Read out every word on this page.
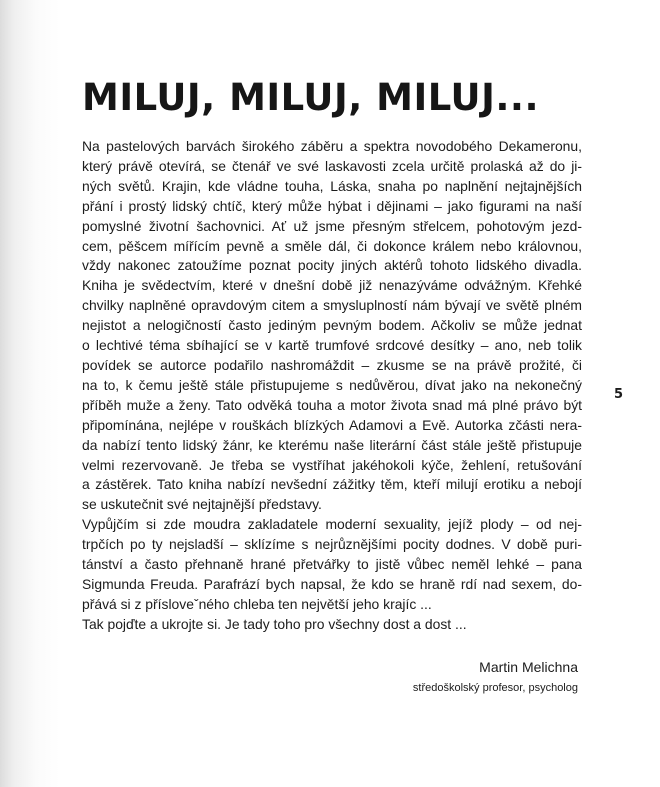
MILUJ, MILUJ, MILUJ...
Na pastelových barvách širokého záběru a spektra novodobého Dekameronu,
který právě otevírá, se čtenář ve své laskavosti zcela určitě prolaská až do ji-
ných světů. Krajin, kde vládne touha, Láska, snaha po naplnění nejtajnějších
přání i prostý lidský chtíč, který může hýbat i dějinami – jako figurami na naší
pomyslné životní šachovnici. Ať už jsme přesným střelcem, pohotovým jezd-
cem, pěšcem mířícím pevně a směle dál, či dokonce králem nebo královnou,
vždy nakonec zatoužíme poznat pocity jiných aktérů tohoto lidského divadla.
Kniha je svědectvím, které v dnešní době již nenazýváme odvážným. Křehké
chvilky naplněné opravdovým citem a smysluplností nám bývají ve světě plném
nejistot a nelogičností často jediným pevným bodem. Ačkoliv se může jednat
o lechtivé téma sbíhající se v kartě trumfové srdcové desítky – ano, neb tolik
povídek se autorce podařilo nashromáždit – zkusme se na právě prožité, či
na to, k čemu ještě stále přistupujeme s nedůvěrou, dívat jako na nekonečný
příběh muže a ženy. Tato odvěká touha a motor života snad má plné právo být
připomínána, nejlépe v rouškách blízkých Adamovi a Evě. Autorka zčásti nera-
da nabízí tento lidský žánr, ke kterému naše literární část stále ještě přistupuje
velmi rezervovaně. Je třeba se vystříhat jakéhokoli kýče, žehlení, retušování
a zástěrek. Tato kniha nabízí nevšední zážitky těm, kteří milují erotiku a nebojí
se uskutečnit své nejtajnější představy.
Vypůjčím si zde moudra zakladatele moderní sexuality, jejíž plody – od nej-
trpčích po ty nejsladší – sklízíme s nejrůznějšími pocity dodnes. V době puri-
tánství a často přehnaně hrané přetvářky to jistě vůbec neměl lehké – pana
Sigmunda Freuda. Parafrází bych napsal, že kdo se hraně rdí nad sexem, do-
přává si z přísloveˇného chleba ten největší jeho krajíc ...
Tak pojďte a ukrojte si. Je tady toho pro všechny dost a dost ...
Martin Melichna
středoškolský profesor, psycholog
5
